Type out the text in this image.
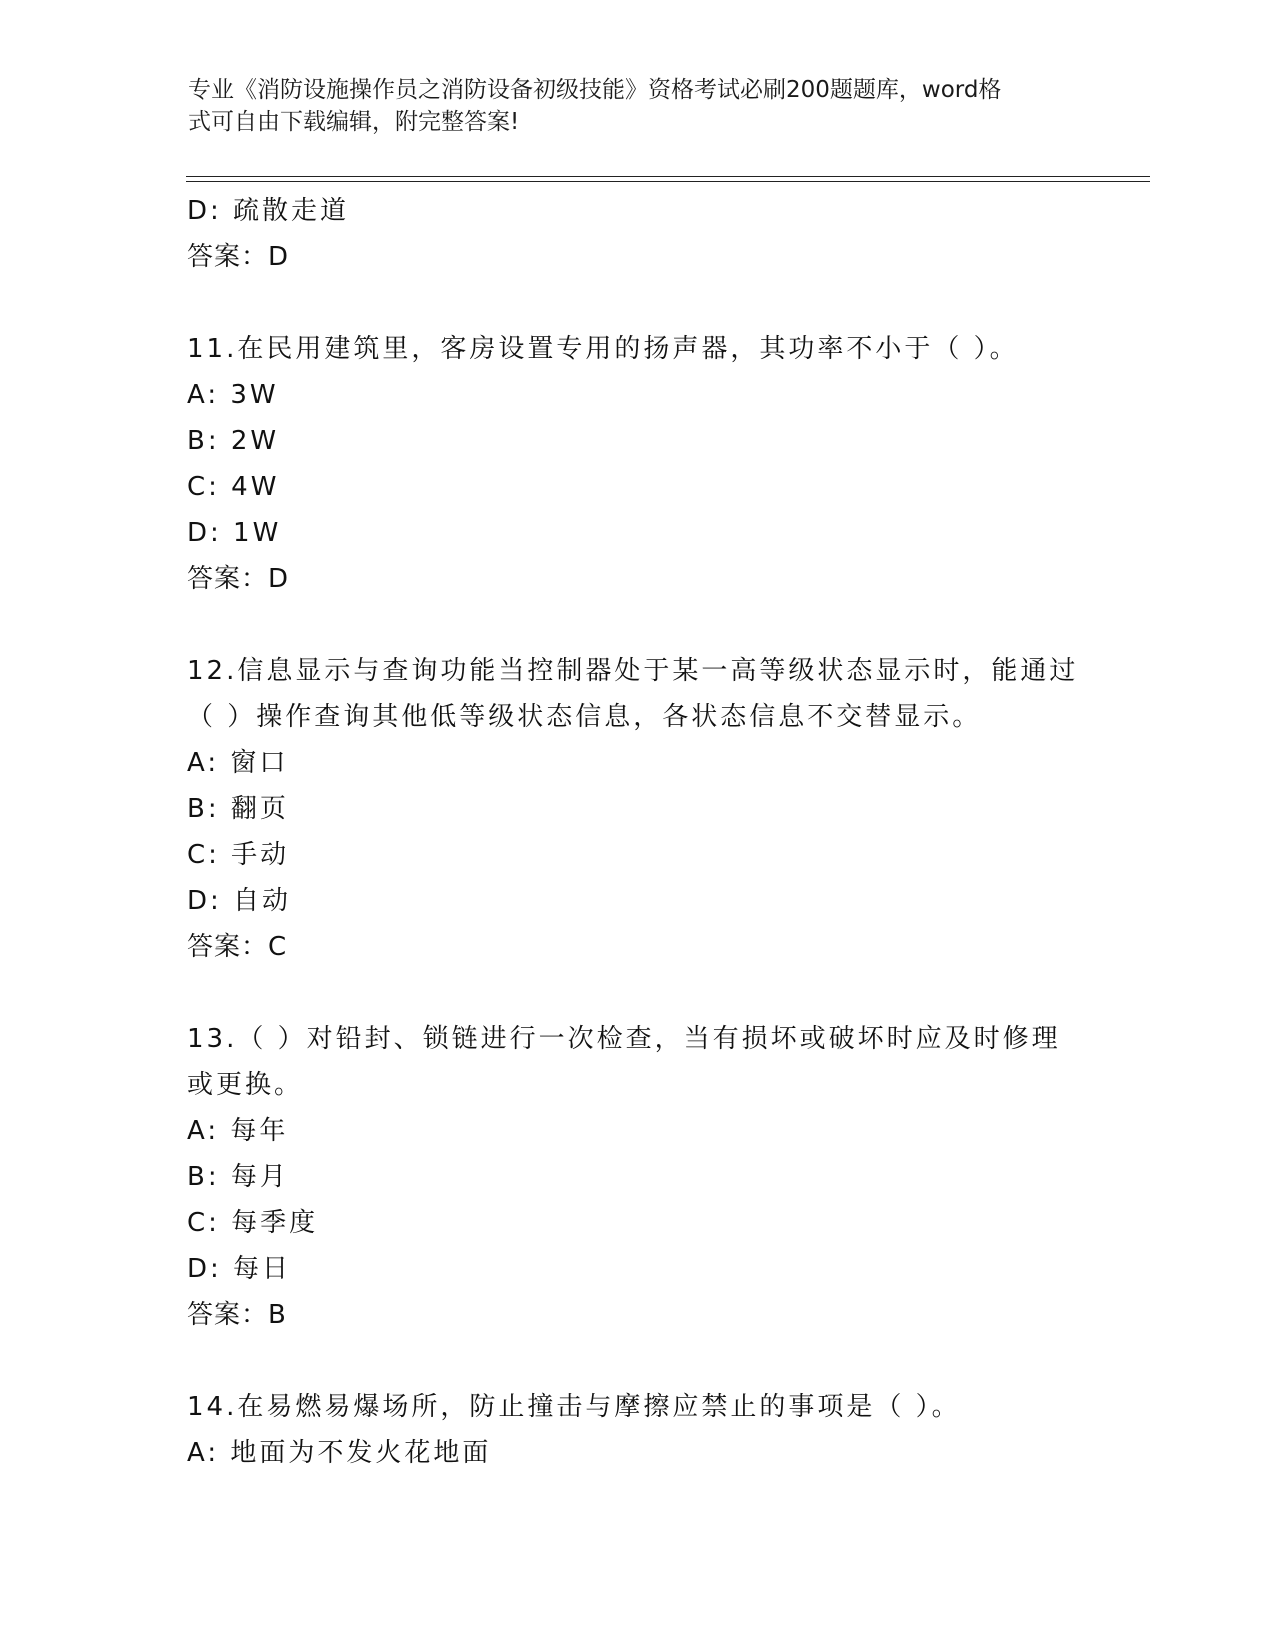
专业《消防设施操作员之消防设备初级技能》资格考试必刷200题题库，word格
式可自由下载编辑，附完整答案!
D: 疏散走道
答案：D
11.在民用建筑里，客房设置专用的扬声器，其功率不小于（ ）。
A: 3W
B: 2W
C: 4W
D: 1W
答案：D
12.信息显示与查询功能当控制器处于某一高等级状态显示时，能通过
（ ）操作查询其他低等级状态信息，各状态信息不交替显示。
A: 窗口
B: 翻页
C: 手动
D: 自动
答案：C
13.（ ）对铅封、锁链进行一次检查，当有损坏或破坏时应及时修理
或更换。
A: 每年
B: 每月
C: 每季度
D: 每日
答案：B
14.在易燃易爆场所，防止撞击与摩擦应禁止的事项是（ ）。
A: 地面为不发火花地面
